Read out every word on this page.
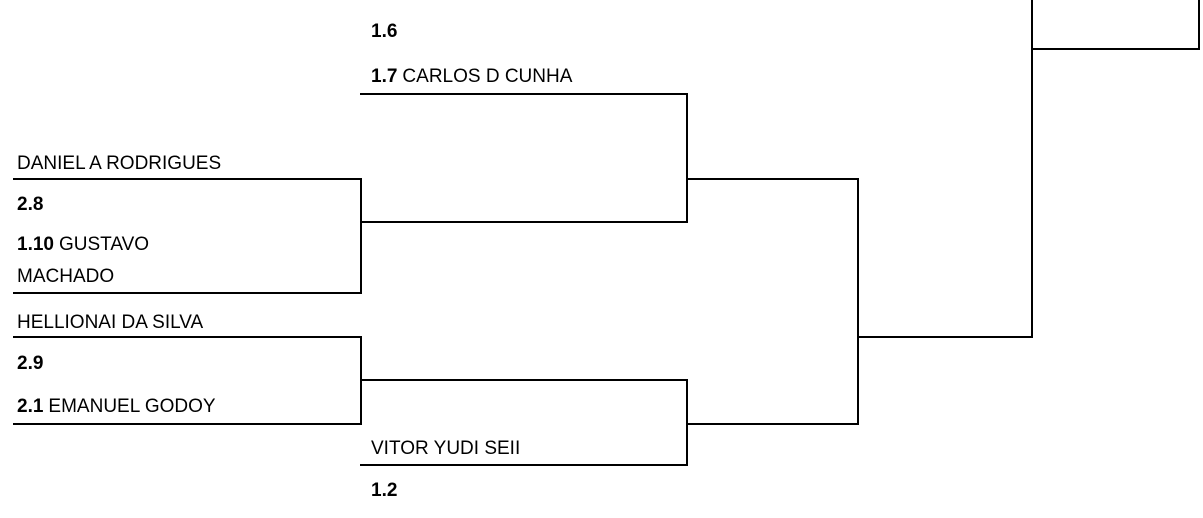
1.6
1.7 CARLOS D CUNHA
DANIEL A RODRIGUES
2.8
1.10 GUSTAVO
MACHADO
HELLIONAI DA SILVA
2.9
2.1 EMANUEL GODOY
VITOR YUDI SEII
1.2
